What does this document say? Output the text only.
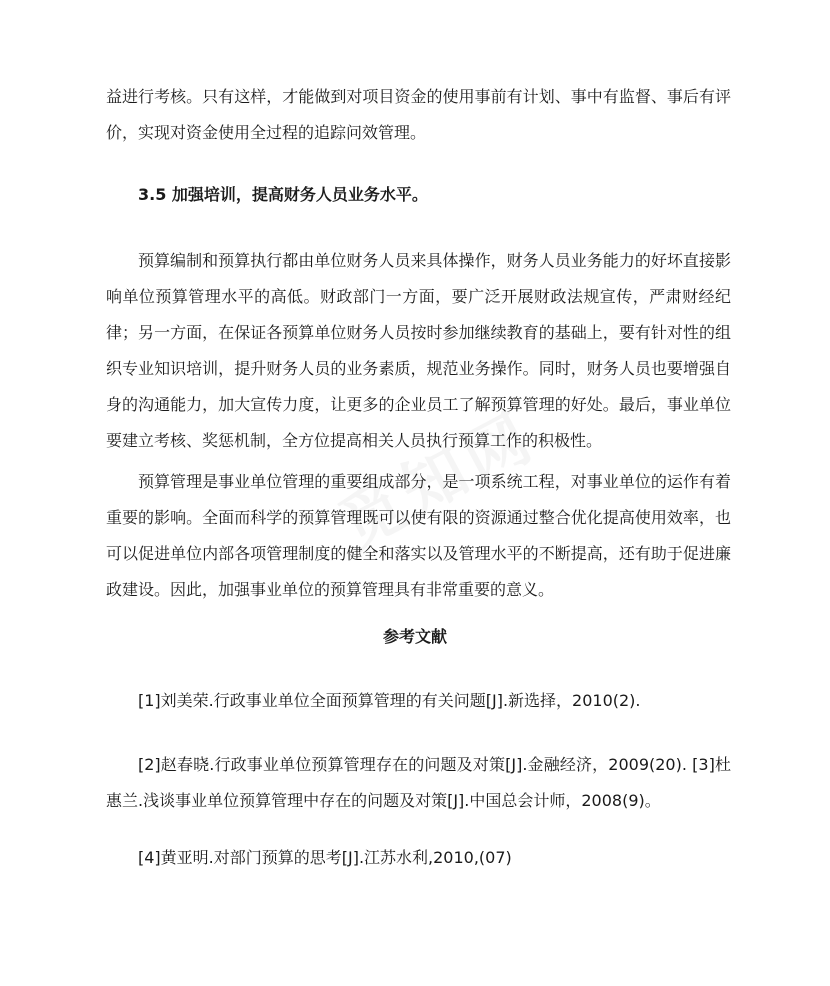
益进行考核。只有这样，才能做到对项目资金的使用事前有计划、事中有监督、事后有评价，实现对资金使用全过程的追踪问效管理。

3.5 加强培训，提高财务人员业务水平。

预算编制和预算执行都由单位财务人员来具体操作，财务人员业务能力的好坏直接影响单位预算管理水平的高低。财政部门一方面，要广泛开展财政法规宣传，严肃财经纪律；另一方面，在保证各预算单位财务人员按时参加继续教育的基础上，要有针对性的组织专业知识培训，提升财务人员的业务素质，规范业务操作。同时，财务人员也要增强自身的沟通能力，加大宣传力度，让更多的企业员工了解预算管理的好处。最后，事业单位要建立考核、奖惩机制，全方位提高相关人员执行预算工作的积极性。

预算管理是事业单位管理的重要组成部分，是一项系统工程，对事业单位的运作有着重要的影响。全面而科学的预算管理既可以使有限的资源通过整合优化提高使用效率，也可以促进单位内部各项管理制度的健全和落实以及管理水平的不断提高，还有助于促进廉政建设。因此，加强事业单位的预算管理具有非常重要的意义。

参考文献

[1]刘美荣.行政事业单位全面预算管理的有关问题[J].新选择，2010(2).

[2]赵春晓.行政事业单位预算管理存在的问题及对策[J].金融经济，2009(20). [3]杜惠兰.浅谈事业单位预算管理中存在的问题及对策[J].中国总会计师，2008(9)。

[4]黄亚明.对部门预算的思考[J].江苏水利,2010,(07)
